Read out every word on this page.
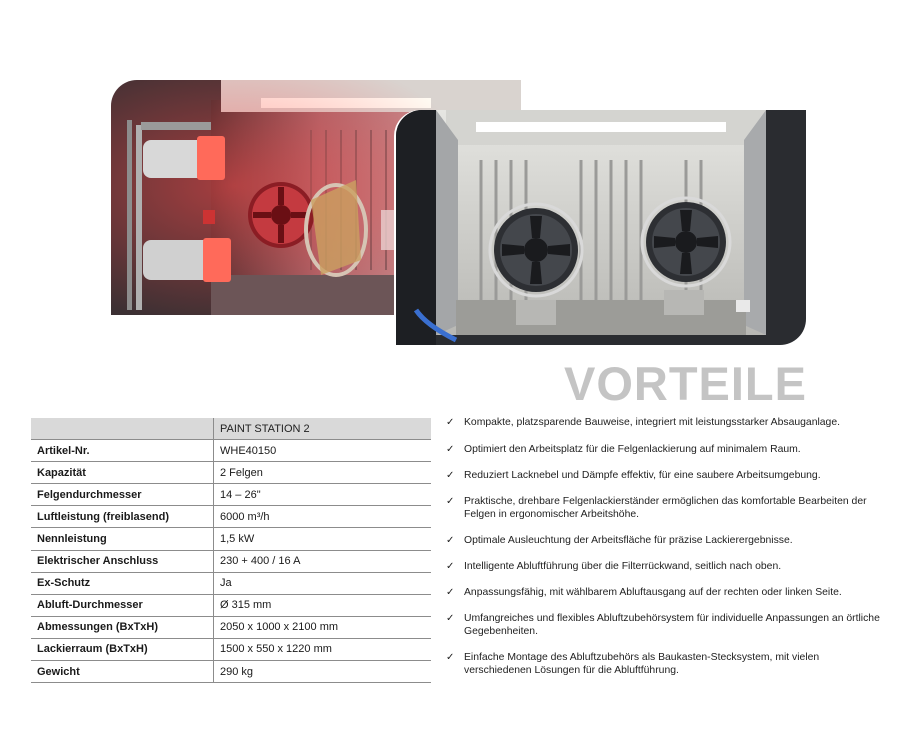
VORTEILE
	PAINT STATION 2
Artikel-Nr.	WHE40150
Kapazität	2 Felgen
Felgendurchmesser	14 – 26"
Luftleistung (freiblasend)	6000 m³/h
Nennleistung	1,5 kW
Elektrischer Anschluss	230 + 400 / 16 A
Ex-Schutz	Ja
Abluft-Durchmesser	Ø 315 mm
Abmessungen (BxTxH)	2050 x 1000 x 2100 mm
Lackierraum (BxTxH)	1500 x 550 x 1220 mm
Gewicht	290 kg
✓ Kompakte, platzsparende Bauweise, integriert mit leistungsstarker Absauganlage.
✓ Optimiert den Arbeitsplatz für die Felgenlackierung auf minimalem Raum.
✓ Reduziert Lacknebel und Dämpfe effektiv, für eine saubere Arbeitsumgebung.
✓ Praktische, drehbare Felgenlackierständer ermöglichen das komfortable Bearbeiten der Felgen in ergonomischer Arbeitshöhe.
✓ Optimale Ausleuchtung der Arbeitsfläche für präzise Lackierergebnisse.
✓ Intelligente Abluftführung über die Filterrückwand, seitlich nach oben.
✓ Anpassungsfähig, mit wählbarem Abluftausgang auf der rechten oder linken Seite.
✓ Umfangreiches und flexibles Abluftzubehörsystem für individuelle Anpassungen an örtliche Gegebenheiten.
✓ Einfache Montage des Abluftzubehörs als Baukasten-Stecksystem, mit vielen verschiedenen Lösungen für die Abluftführung.
